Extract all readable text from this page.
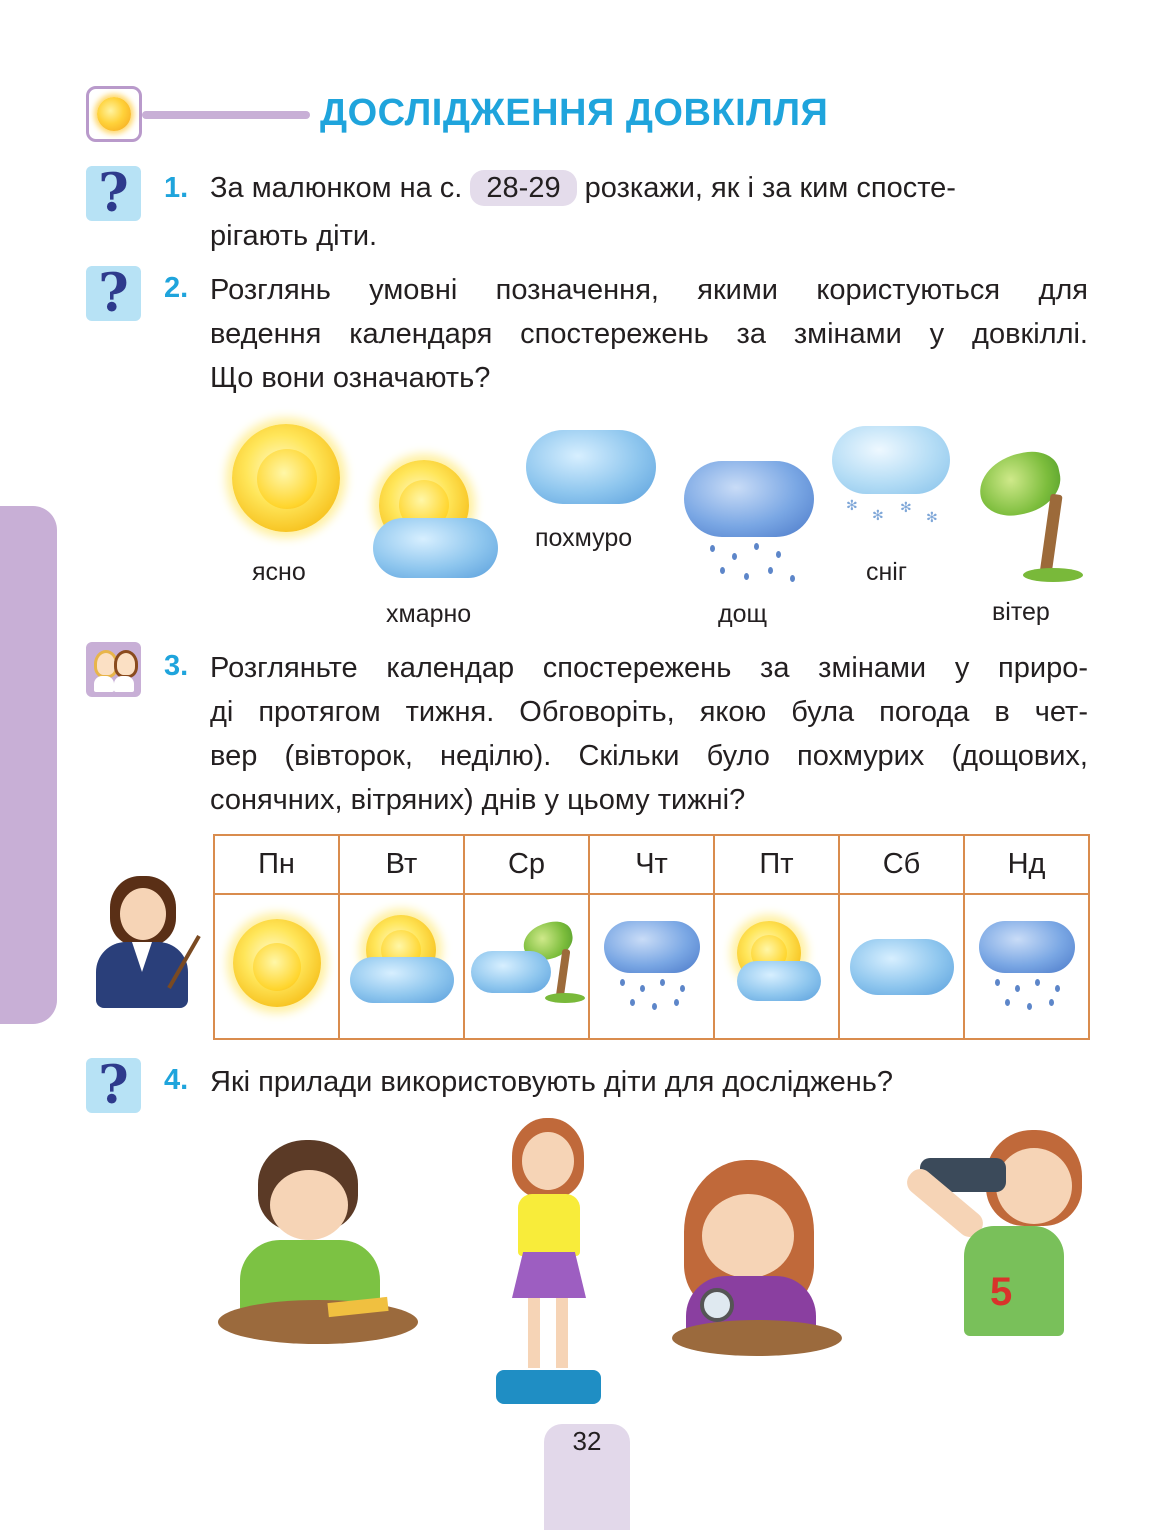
ДОСЛІДЖЕННЯ ДОВКІЛЛЯ
?	1. За малюнком на с. 28-29 розкажи, як і за ким спосте-
рігають діти.
?	2. Розглянь умовні позначення, якими користуються для
ведення календаря спостережень за змінами у довкіллі.
Що вони означають?
ясно
хмарно
похмуро
дощ
✻
✻ ✻
✻
сніг
вітер
3. Розгляньте календар спостережень за змінами у приро-
ді протягом тижня. Обговоріть, якою була погода в чет-
вер (вівторок, неділю). Скільки було похмурих (дощових,
сонячних, вітряних) днів у цьому тижні?
Пн	Вт	Ср	Чт	Пт	Сб	Нд

?	4. Які прилади використовують діти для досліджень?
5
32
